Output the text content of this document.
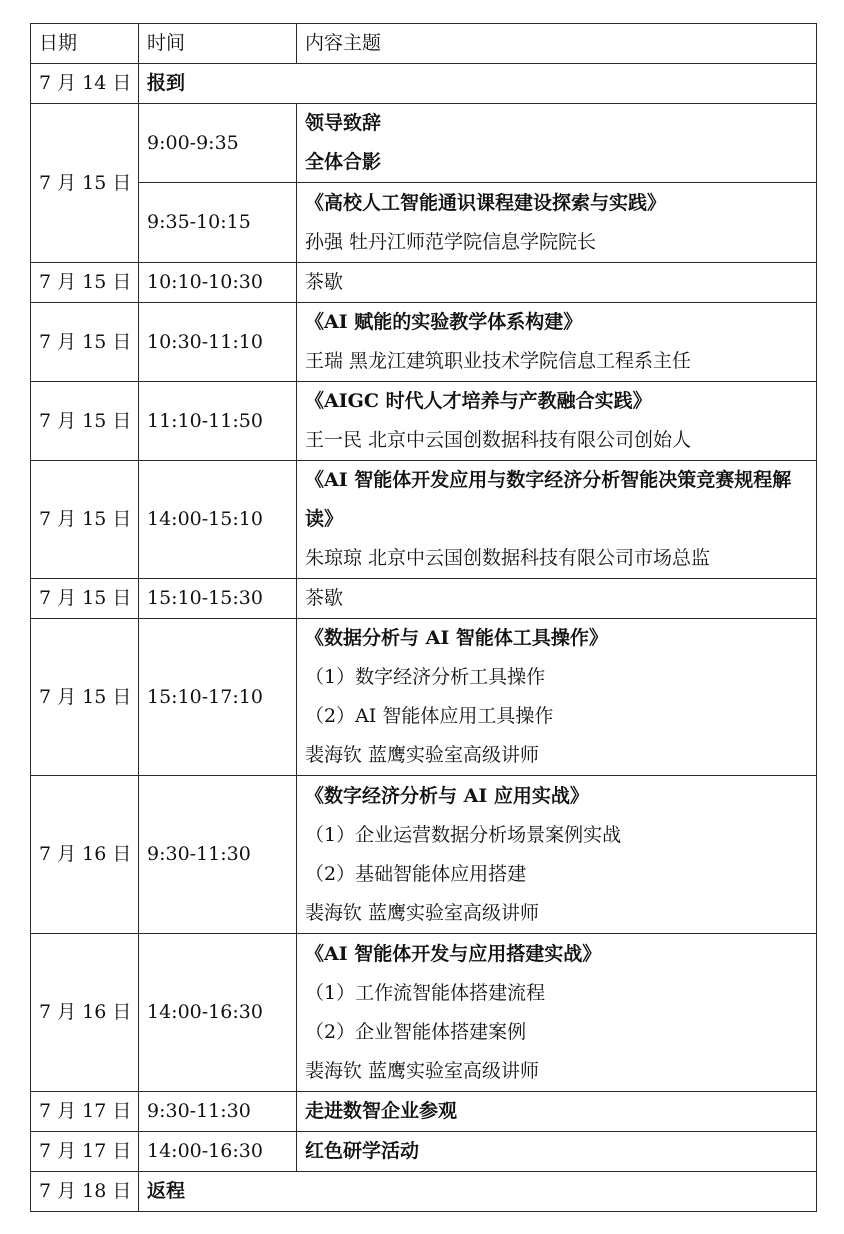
日期	时间	内容主题
7 月 14 日	报到	

7 月 15 日	9:00-9:35	领导致辞
全体合影

	9:35-10:15	《高校人工智能通识课程建设探索与实践》
孙强 牡丹江师范学院信息学院院长

7 月 15 日	10:10-10:30	茶歇

7 月 15 日	10:30-11:10	《AI 赋能的实验教学体系构建》
王瑞 黑龙江建筑职业技术学院信息工程系主任

7 月 15 日	11:10-11:50	《AIGC 时代人才培养与产教融合实践》
王一民 北京中云国创数据科技有限公司创始人

7 月 15 日	14:00-15:10	《AI 智能体开发应用与数字经济分析智能决策竞赛规程解读》
朱琼琼 北京中云国创数据科技有限公司市场总监

7 月 15 日	15:10-15:30	茶歇

7 月 15 日	15:10-17:10	《数据分析与 AI 智能体工具操作》
（1）数字经济分析工具操作
（2）AI 智能体应用工具操作
裴海钦 蓝鹰实验室高级讲师

7 月 16 日	9:30-11:30	《数字经济分析与 AI 应用实战》
（1）企业运营数据分析场景案例实战
（2）基础智能体应用搭建
裴海钦 蓝鹰实验室高级讲师

7 月 16 日	14:00-16:30	《AI 智能体开发与应用搭建实战》
（1）工作流智能体搭建流程
（2）企业智能体搭建案例
裴海钦 蓝鹰实验室高级讲师

7 月 17 日	9:30-11:30	走进数智企业参观

7 月 17 日	14:00-16:30	红色研学活动

7 月 18 日	返程	
